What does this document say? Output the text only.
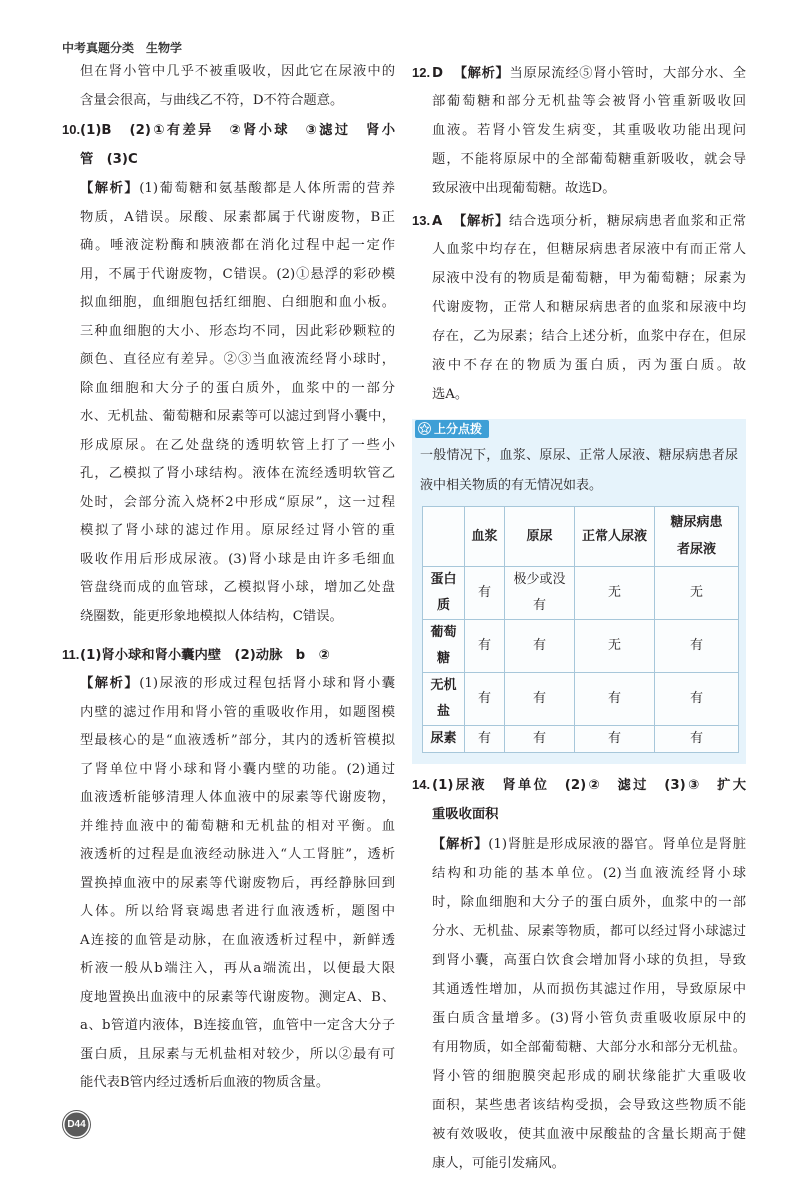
中考真题分类　生物学
但在肾小管中几乎不被重吸收，因此它在尿液中的
含量会很高，与曲线乙不符，D不符合题意。
10.(1)B　(2)①有差异　②肾小球　③滤过　肾小
管　(3)C
【解析】(1)葡萄糖和氨基酸都是人体所需的营养
物质，A错误。尿酸、尿素都属于代谢废物，B正
确。唾液淀粉酶和胰液都在消化过程中起一定作
用，不属于代谢废物，C错误。(2)①悬浮的彩砂模
拟血细胞，血细胞包括红细胞、白细胞和血小板。
三种血细胞的大小、形态均不同，因此彩砂颗粒的
颜色、直径应有差异。②③当血液流经肾小球时，
除血细胞和大分子的蛋白质外，血浆中的一部分
水、无机盐、葡萄糖和尿素等可以滤过到肾小囊中，
形成原尿。在乙处盘绕的透明软管上打了一些小
孔，乙模拟了肾小球结构。液体在流经透明软管乙
处时，会部分流入烧杯2中形成“原尿”，这一过程
模拟了肾小球的滤过作用。原尿经过肾小管的重
吸收作用后形成尿液。(3)肾小球是由许多毛细血
管盘绕而成的血管球，乙模拟肾小球，增加乙处盘
绕圈数，能更形象地模拟人体结构，C错误。
11.(1)肾小球和肾小囊内壁　(2)动脉　b　②
【解析】(1)尿液的形成过程包括肾小球和肾小囊
内壁的滤过作用和肾小管的重吸收作用，如题图模
型最核心的是“血液透析”部分，其内的透析管模拟
了肾单位中肾小球和肾小囊内壁的功能。(2)通过
血液透析能够清理人体血液中的尿素等代谢废物，
并维持血液中的葡萄糖和无机盐的相对平衡。血
液透析的过程是血液经动脉进入“人工肾脏”，透析
置换掉血液中的尿素等代谢废物后，再经静脉回到
人体。所以给肾衰竭患者进行血液透析，题图中
A连接的血管是动脉，在血液透析过程中，新鲜透
析液一般从b端注入，再从a端流出，以便最大限
度地置换出血液中的尿素等代谢废物。测定A、B、
a、b管道内液体，B连接血管，血管中一定含大分子
蛋白质，且尿素与无机盐相对较少，所以②最有可
能代表B管内经过透析后血液的物质含量。
12. D 【解析】当原尿流经⑤肾小管时，大部分水、全
部葡萄糖和部分无机盐等会被肾小管重新吸收回
血液。若肾小管发生病变，其重吸收功能出现问
题，不能将原尿中的全部葡萄糖重新吸收，就会导
致尿液中出现葡萄糖。故选D。
13. A 【解析】结合选项分析，糖尿病患者血浆和正常
人血浆中均存在，但糖尿病患者尿液中有而正常人
尿液中没有的物质是葡萄糖，甲为葡萄糖；尿素为
代谢废物，正常人和糖尿病患者的血浆和尿液中均
存在，乙为尿素；结合上述分析，血浆中存在，但尿
液中不存在的物质为蛋白质，丙为蛋白质。故
选A。
上分点拨
一般情况下，血浆、原尿、正常人尿液、糖尿病患者尿
液中相关物质的有无情况如表。
	血浆	原尿	正常人尿液	糖尿病患者尿液
蛋白质	有	极少或没有	无	无
葡萄糖	有	有	无	有
无机盐	有	有	有	有
尿素	有	有	有	有
14. (1)尿液　肾单位　(2)②　滤过　(3)③　扩大
重吸收面积
【解析】(1)肾脏是形成尿液的器官。肾单位是肾脏
结构和功能的基本单位。(2)当血液流经肾小球
时，除血细胞和大分子的蛋白质外，血浆中的一部
分水、无机盐、尿素等物质，都可以经过肾小球滤过
到肾小囊，高蛋白饮食会增加肾小球的负担，导致
其通透性增加，从而损伤其滤过作用，导致原尿中
蛋白质含量增多。(3)肾小管负责重吸收原尿中的
有用物质，如全部葡萄糖、大部分水和部分无机盐。
肾小管的细胞膜突起形成的刷状缘能扩大重吸收
面积，某些患者该结构受损，会导致这些物质不能
被有效吸收，使其血液中尿酸盐的含量长期高于健
康人，可能引发痛风。
D44
